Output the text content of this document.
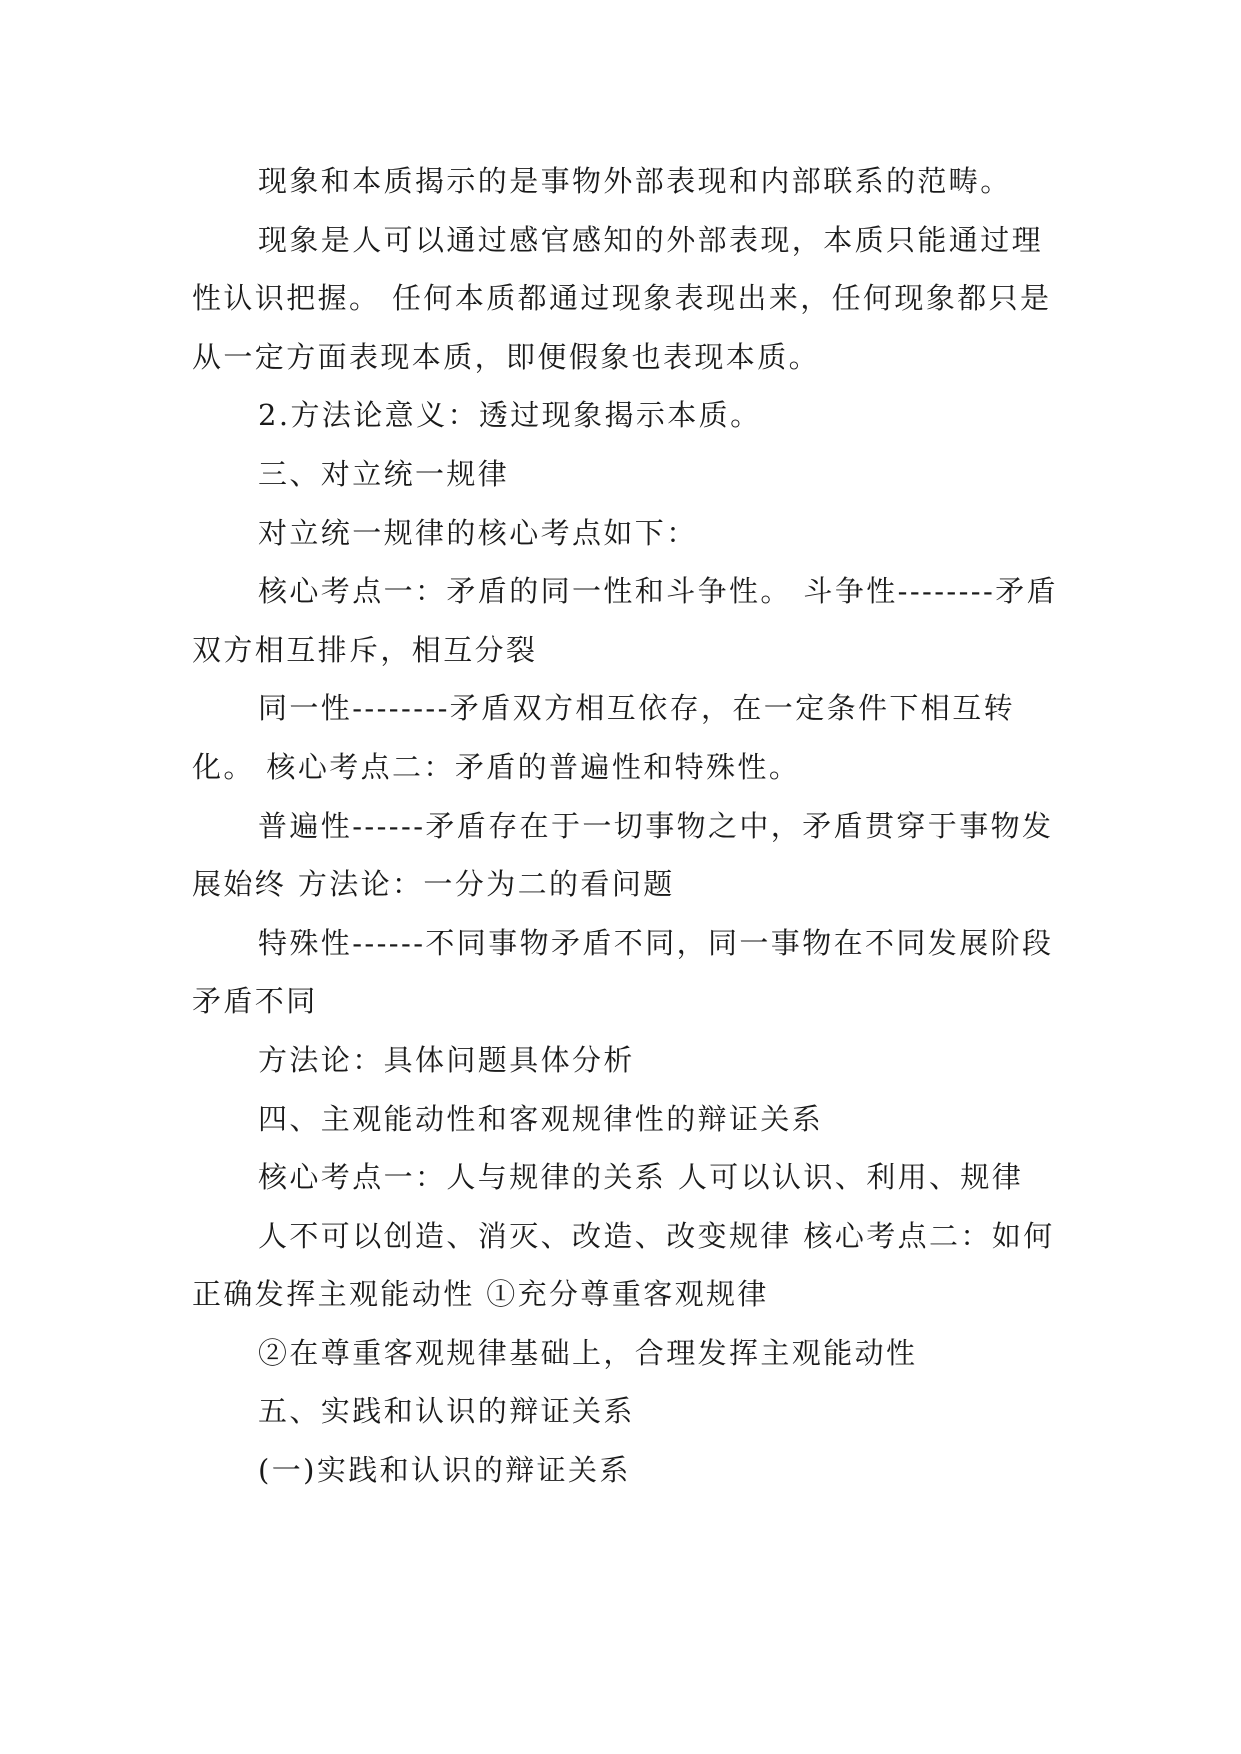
现象和本质揭示的是事物外部表现和内部联系的范畴。

现象是人可以通过感官感知的外部表现，本质只能通过理性认识把握。 任何本质都通过现象表现出来，任何现象都只是从一定方面表现本质，即便假象也表现本质。

2.方法论意义：透过现象揭示本质。

三、对立统一规律

对立统一规律的核心考点如下：

核心考点一：矛盾的同一性和斗争性。 斗争性--------矛盾双方相互排斥，相互分裂

同一性--------矛盾双方相互依存，在一定条件下相互转化。 核心考点二：矛盾的普遍性和特殊性。

普遍性------矛盾存在于一切事物之中，矛盾贯穿于事物发展始终 方法论：一分为二的看问题

特殊性------不同事物矛盾不同，同一事物在不同发展阶段矛盾不同

方法论：具体问题具体分析

四、主观能动性和客观规律性的辩证关系

核心考点一：人与规律的关系 人可以认识、利用、规律

人不可以创造、消灭、改造、改变规律 核心考点二：如何正确发挥主观能动性 ①充分尊重客观规律

②在尊重客观规律基础上，合理发挥主观能动性

五、实践和认识的辩证关系

(一)实践和认识的辩证关系
